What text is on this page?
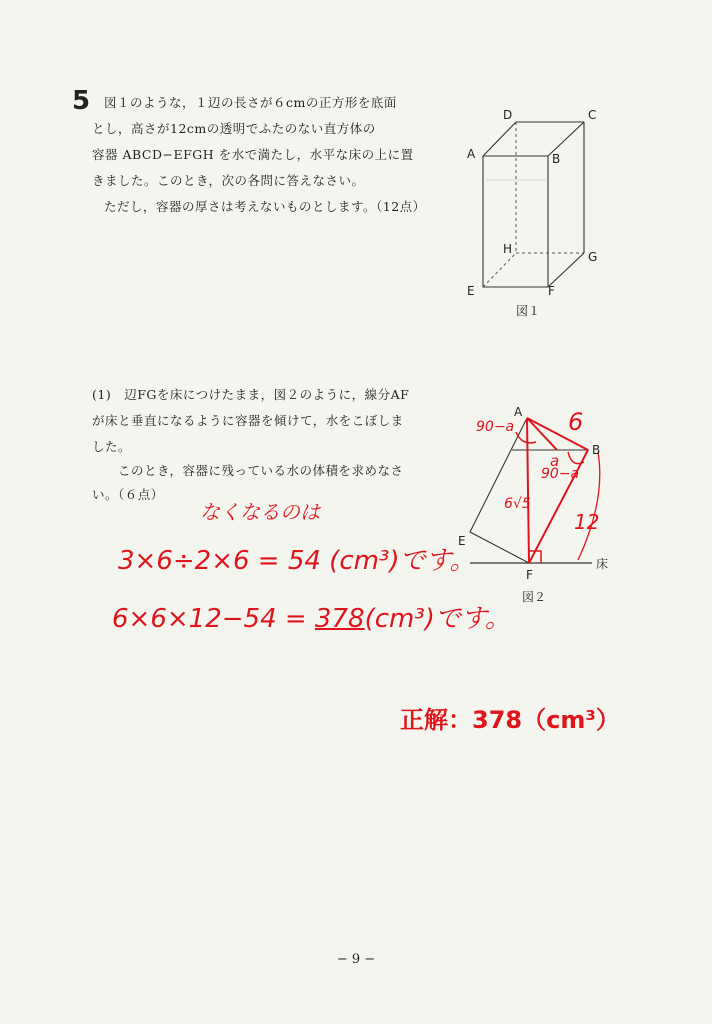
5 図１のような，１辺の長さが６cmの正方形を底面
とし，高さが12cmの透明でふたのない直方体の
容器 ABCD−EFGH を水で満たし，水平な床の上に置
きました。このとき，次の各問に答えなさい。
ただし，容器の厚さは考えないものとします。（12点）
(1)　辺FGを床につけたまま，図２のように，線分AF
が床と垂直になるように容器を傾けて，水をこぼしま
した。
このとき，容器に残っている水の体積を求めなさ
い。（６点）
D	C
A	B
H
G
E	F
図１
A
B
E
F
床
図２
90−a 6
a
90−a
6√5
12
なくなるのは
3×6÷2×6 = 54 (cm³)です。
6×6×12−54 = 378(cm³)です。
正解：378（cm³）
− 9 −
